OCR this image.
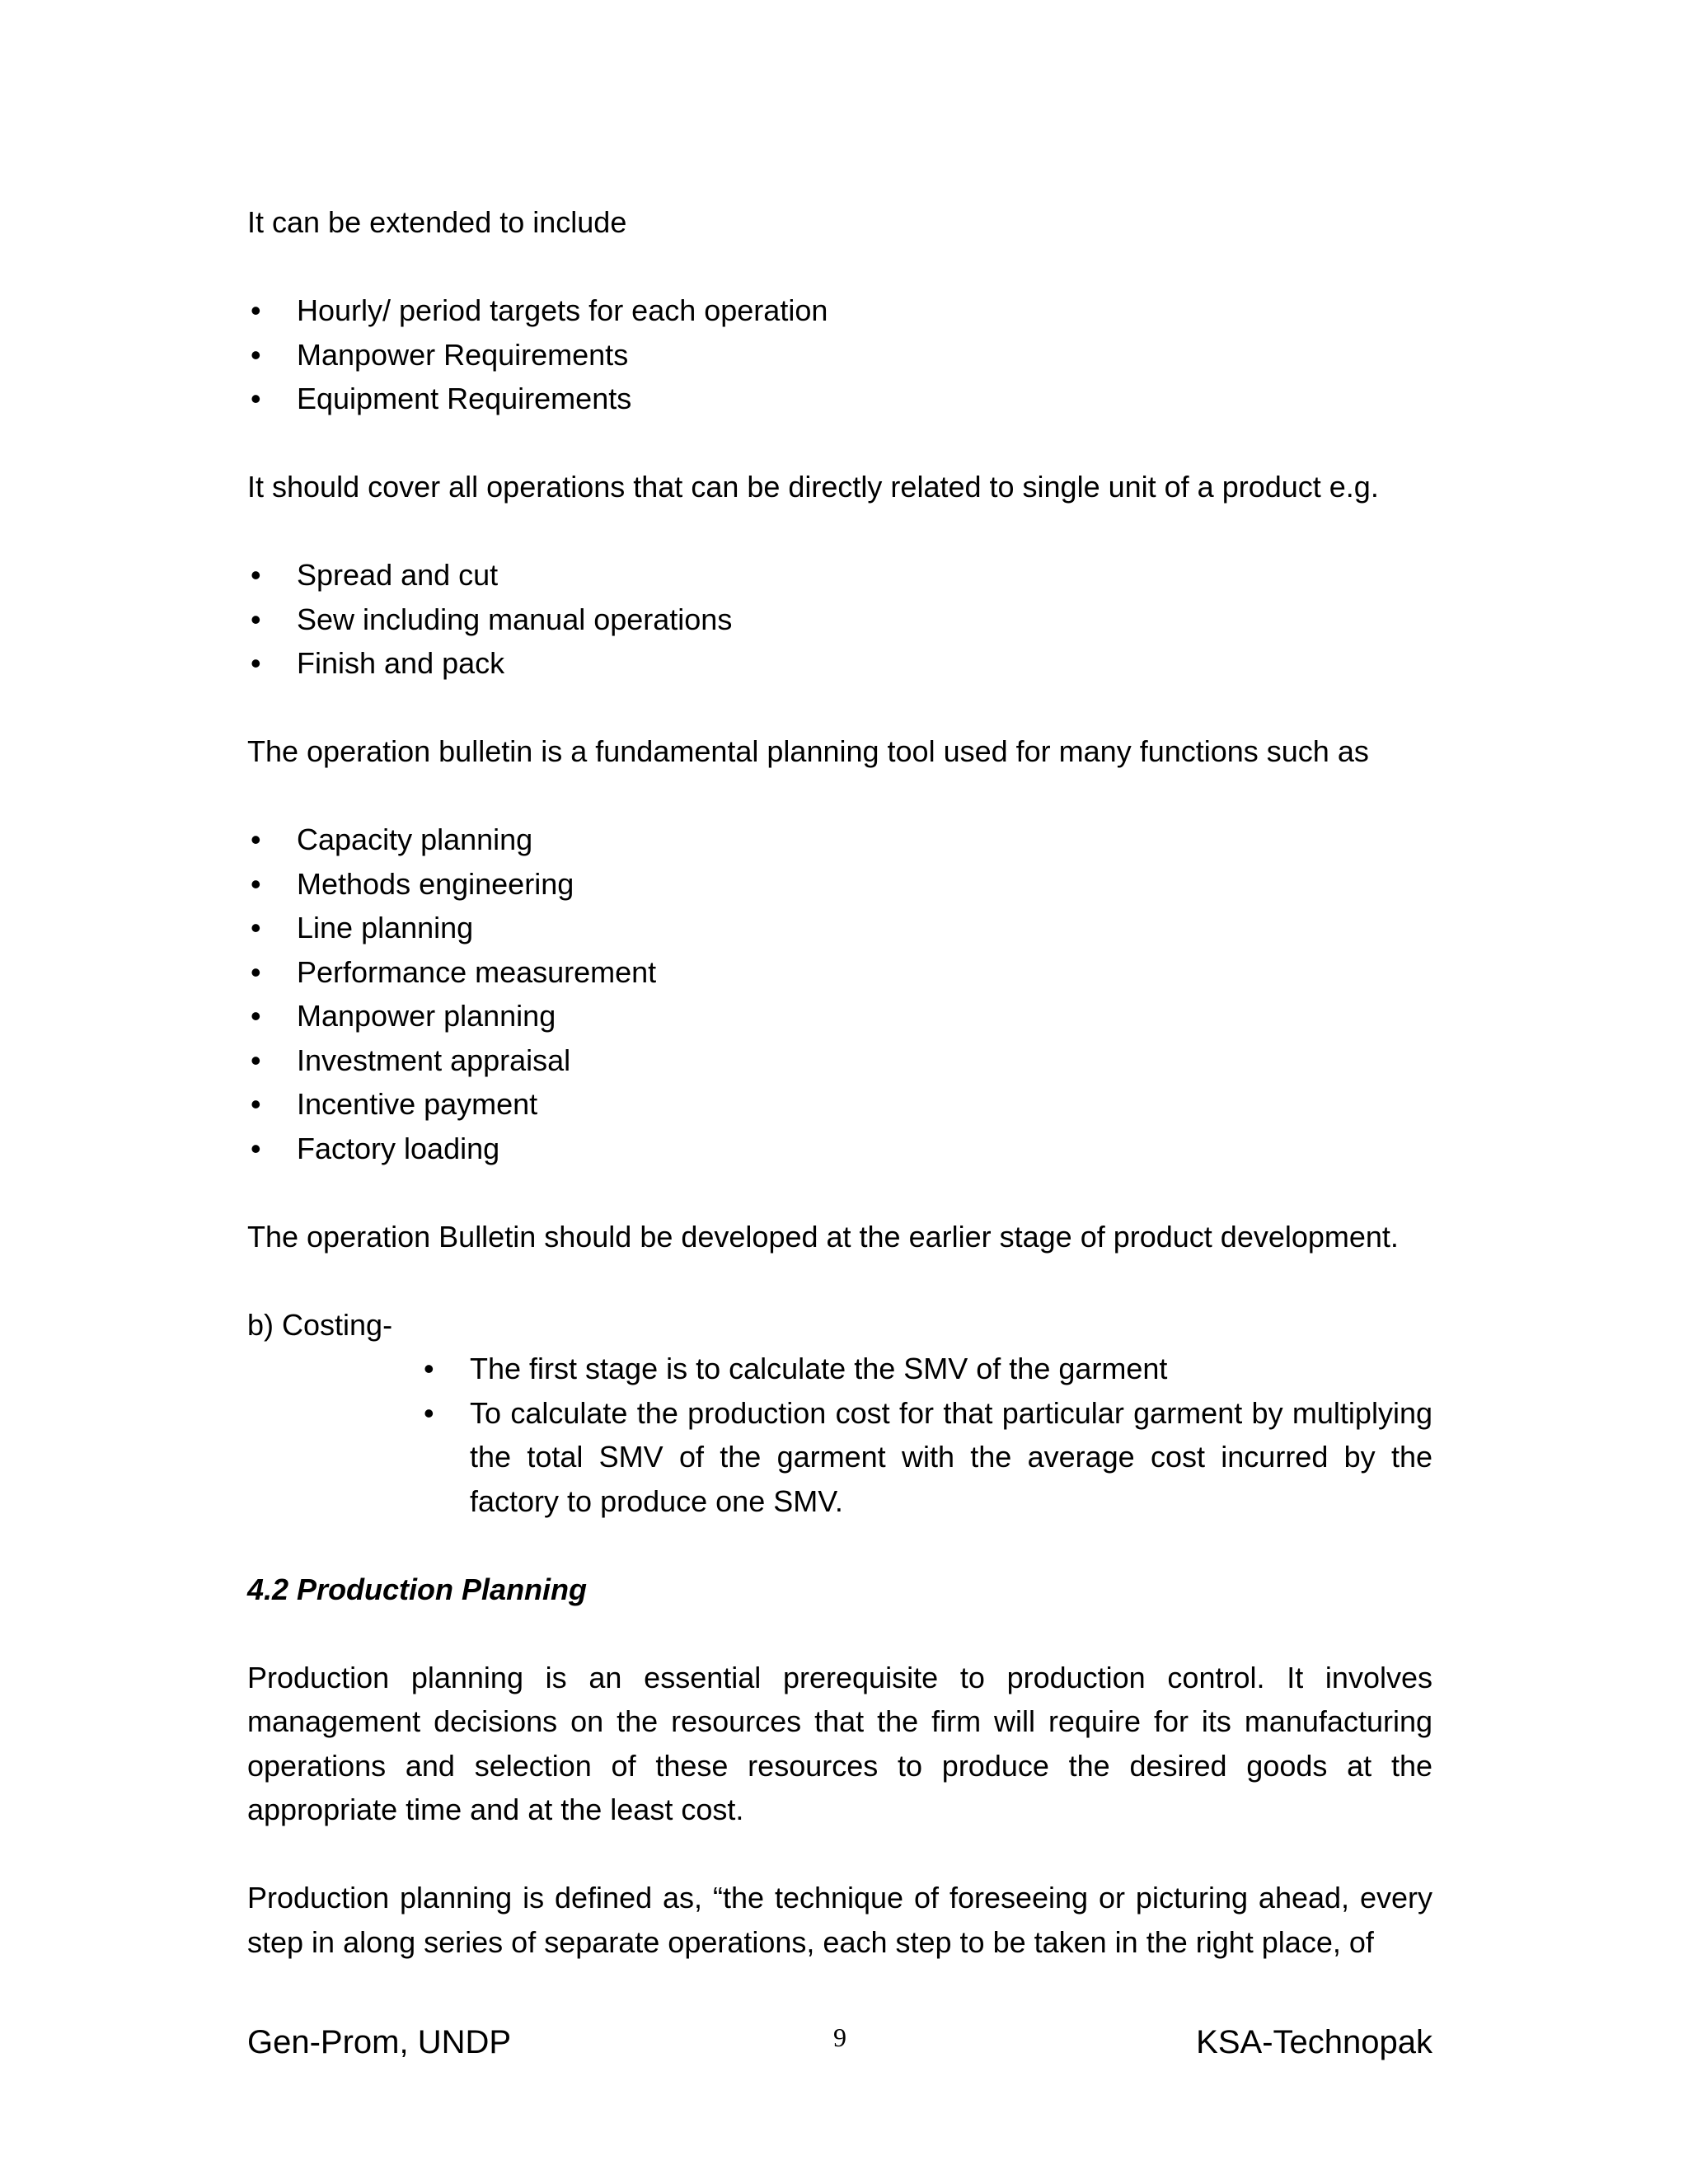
It can be extended to include

• Hourly/ period targets for each operation
• Manpower Requirements
• Equipment Requirements

It should cover all operations that can be directly related to single unit of a product e.g.

• Spread and cut
• Sew including manual operations
• Finish and pack

The operation bulletin is a fundamental planning tool used for many functions such as

• Capacity planning
• Methods engineering
• Line planning
• Performance measurement
• Manpower planning
• Investment appraisal
• Incentive payment
• Factory loading

The operation Bulletin should be developed at the earlier stage of product development.

b) Costing-

• The first stage is to calculate the SMV of the garment
• To calculate the production cost for that particular garment by multiplying the total SMV of the garment with the average cost incurred by the factory to produce one SMV.

4.2 Production Planning

Production planning is an essential prerequisite to production control. It involves management decisions on the resources that the firm will require for its manufacturing operations and selection of these resources to produce the desired goods at the appropriate time and at the least cost.

Production planning is defined as, “the technique of foreseeing or picturing ahead, every step in along series of separate operations, each step to be taken in the right place, of

Gen-Prom, UNDP	9	KSA-Technopak
